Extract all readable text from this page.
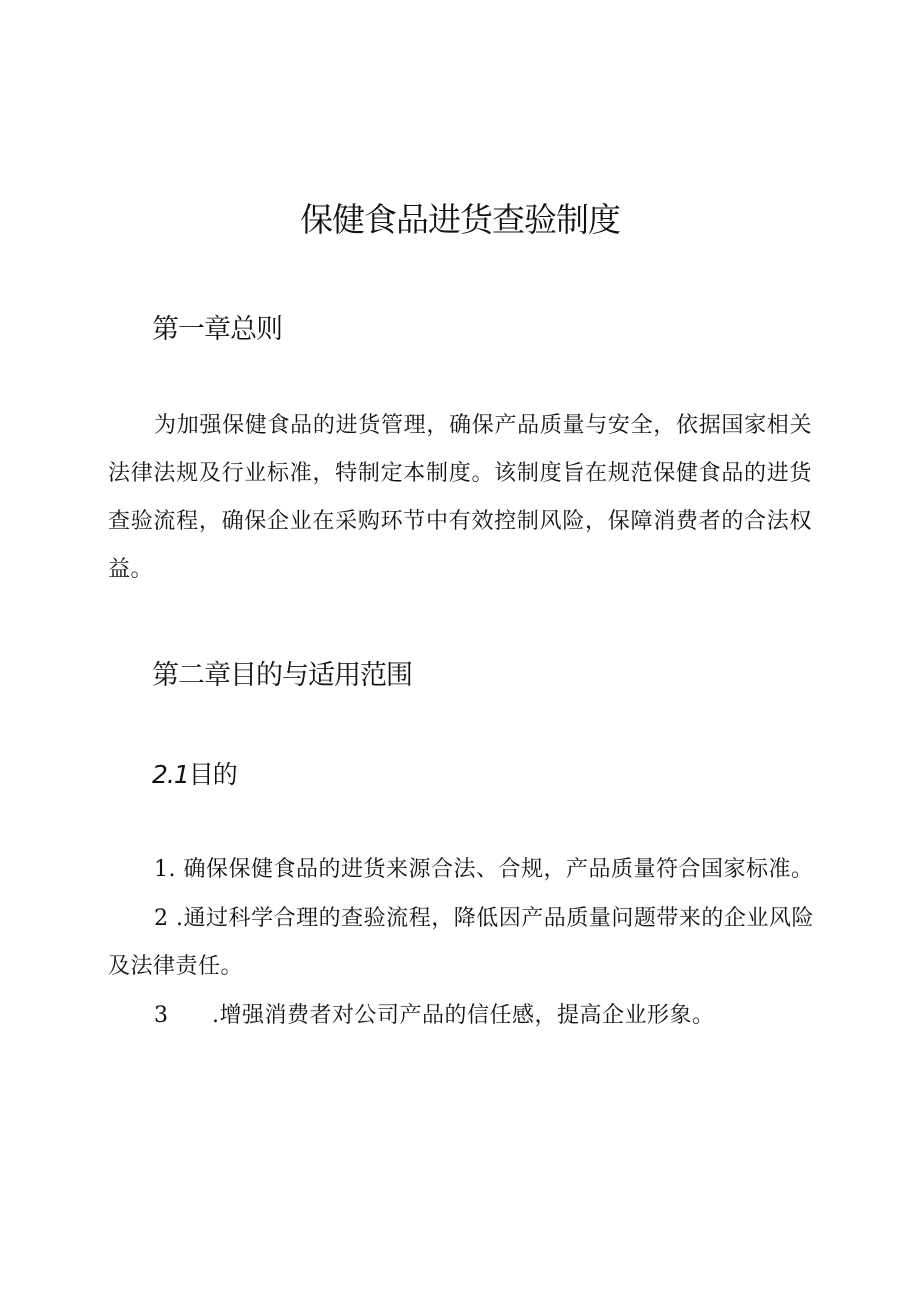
保健食品进货查验制度
第一章总则

为加强保健食品的进货管理，确保产品质量与安全，依据国家相关法律法规及行业标准，特制定本制度。该制度旨在规范保健食品的进货查验流程，确保企业在采购环节中有效控制风险，保障消费者的合法权益。

第二章目的与适用范围
2.1目的

1. 确保保健食品的进货来源合法、合规，产品质量符合国家标准。

2 .通过科学合理的查验流程，降低因产品质量问题带来的企业风险及法律责任。

3 .增强消费者对公司产品的信任感，提高企业形象。
